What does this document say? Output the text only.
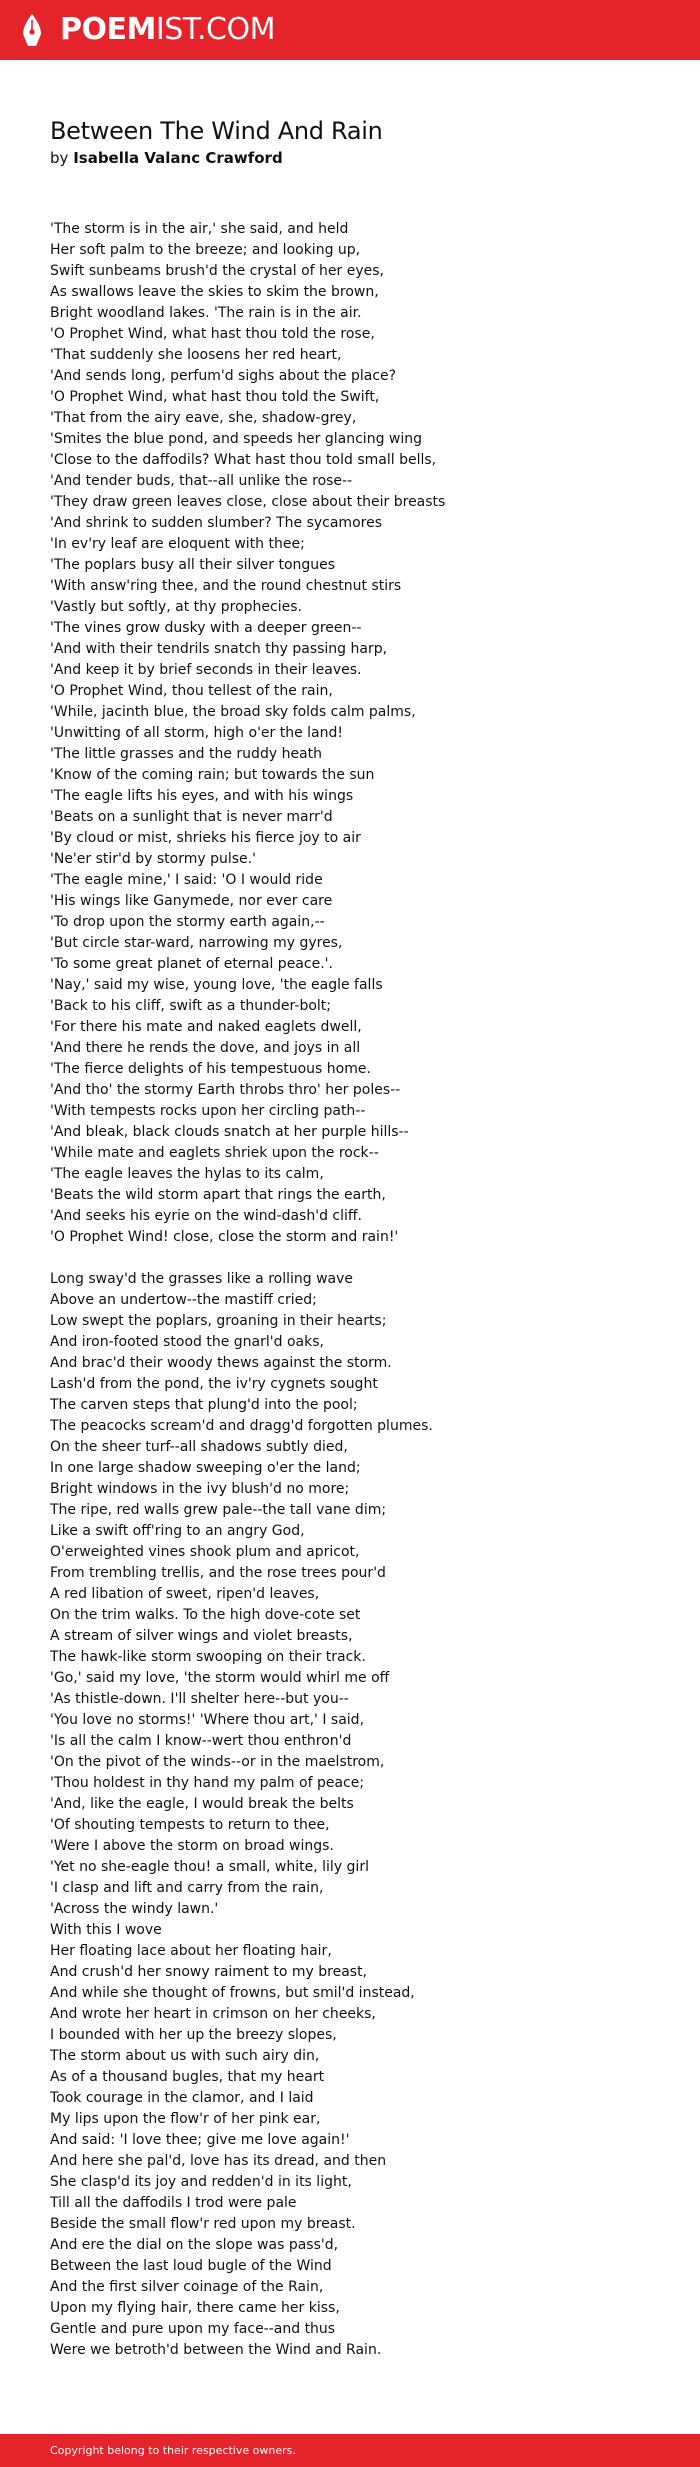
POEMIST.COM
Between The Wind And Rain
by Isabella Valanc Crawford
'The storm is in the air,' she said, and held
Her soft palm to the breeze; and looking up,
Swift sunbeams brush'd the crystal of her eyes,
As swallows leave the skies to skim the brown,
Bright woodland lakes. 'The rain is in the air.
'O Prophet Wind, what hast thou told the rose,
'That suddenly she loosens her red heart,
'And sends long, perfum'd sighs about the place?
'O Prophet Wind, what hast thou told the Swift,
'That from the airy eave, she, shadow-grey,
'Smites the blue pond, and speeds her glancing wing
'Close to the daffodils? What hast thou told small bells,
'And tender buds, that--all unlike the rose--
'They draw green leaves close, close about their breasts
'And shrink to sudden slumber? The sycamores
'In ev'ry leaf are eloquent with thee;
'The poplars busy all their silver tongues
'With answ'ring thee, and the round chestnut stirs
'Vastly but softly, at thy prophecies.
'The vines grow dusky with a deeper green--
'And with their tendrils snatch thy passing harp,
'And keep it by brief seconds in their leaves.
'O Prophet Wind, thou tellest of the rain,
'While, jacinth blue, the broad sky folds calm palms,
'Unwitting of all storm, high o'er the land!
'The little grasses and the ruddy heath
'Know of the coming rain; but towards the sun
'The eagle lifts his eyes, and with his wings
'Beats on a sunlight that is never marr'd
'By cloud or mist, shrieks his fierce joy to air
'Ne'er stir'd by stormy pulse.'
'The eagle mine,' I said: 'O I would ride
'His wings like Ganymede, nor ever care
'To drop upon the stormy earth again,--
'But circle star-ward, narrowing my gyres,
'To some great planet of eternal peace.'.
'Nay,' said my wise, young love, 'the eagle falls
'Back to his cliff, swift as a thunder-bolt;
'For there his mate and naked eaglets dwell,
'And there he rends the dove, and joys in all
'The fierce delights of his tempestuous home.
'And tho' the stormy Earth throbs thro' her poles--
'With tempests rocks upon her circling path--
'And bleak, black clouds snatch at her purple hills--
'While mate and eaglets shriek upon the rock--
'The eagle leaves the hylas to its calm,
'Beats the wild storm apart that rings the earth,
'And seeks his eyrie on the wind-dash'd cliff.
'O Prophet Wind! close, close the storm and rain!'
Long sway'd the grasses like a rolling wave
Above an undertow--the mastiff cried;
Low swept the poplars, groaning in their hearts;
And iron-footed stood the gnarl'd oaks,
And brac'd their woody thews against the storm.
Lash'd from the pond, the iv'ry cygnets sought
The carven steps that plung'd into the pool;
The peacocks scream'd and dragg'd forgotten plumes.
On the sheer turf--all shadows subtly died,
In one large shadow sweeping o'er the land;
Bright windows in the ivy blush'd no more;
The ripe, red walls grew pale--the tall vane dim;
Like a swift off'ring to an angry God,
O'erweighted vines shook plum and apricot,
From trembling trellis, and the rose trees pour'd
A red libation of sweet, ripen'd leaves,
On the trim walks. To the high dove-cote set
A stream of silver wings and violet breasts,
The hawk-like storm swooping on their track.
'Go,' said my love, 'the storm would whirl me off
'As thistle-down. I'll shelter here--but you--
'You love no storms!' 'Where thou art,' I said,
'Is all the calm I know--wert thou enthron'd
'On the pivot of the winds--or in the maelstrom,
'Thou holdest in thy hand my palm of peace;
'And, like the eagle, I would break the belts
'Of shouting tempests to return to thee,
'Were I above the storm on broad wings.
'Yet no she-eagle thou! a small, white, lily girl
'I clasp and lift and carry from the rain,
'Across the windy lawn.'
With this I wove
Her floating lace about her floating hair,
And crush'd her snowy raiment to my breast,
And while she thought of frowns, but smil'd instead,
And wrote her heart in crimson on her cheeks,
I bounded with her up the breezy slopes,
The storm about us with such airy din,
As of a thousand bugles, that my heart
Took courage in the clamor, and I laid
My lips upon the flow'r of her pink ear,
And said: 'I love thee; give me love again!'
And here she pal'd, love has its dread, and then
She clasp'd its joy and redden'd in its light,
Till all the daffodils I trod were pale
Beside the small flow'r red upon my breast.
And ere the dial on the slope was pass'd,
Between the last loud bugle of the Wind
And the first silver coinage of the Rain,
Upon my flying hair, there came her kiss,
Gentle and pure upon my face--and thus
Were we betroth'd between the Wind and Rain.
Copyright belong to their respective owners.
